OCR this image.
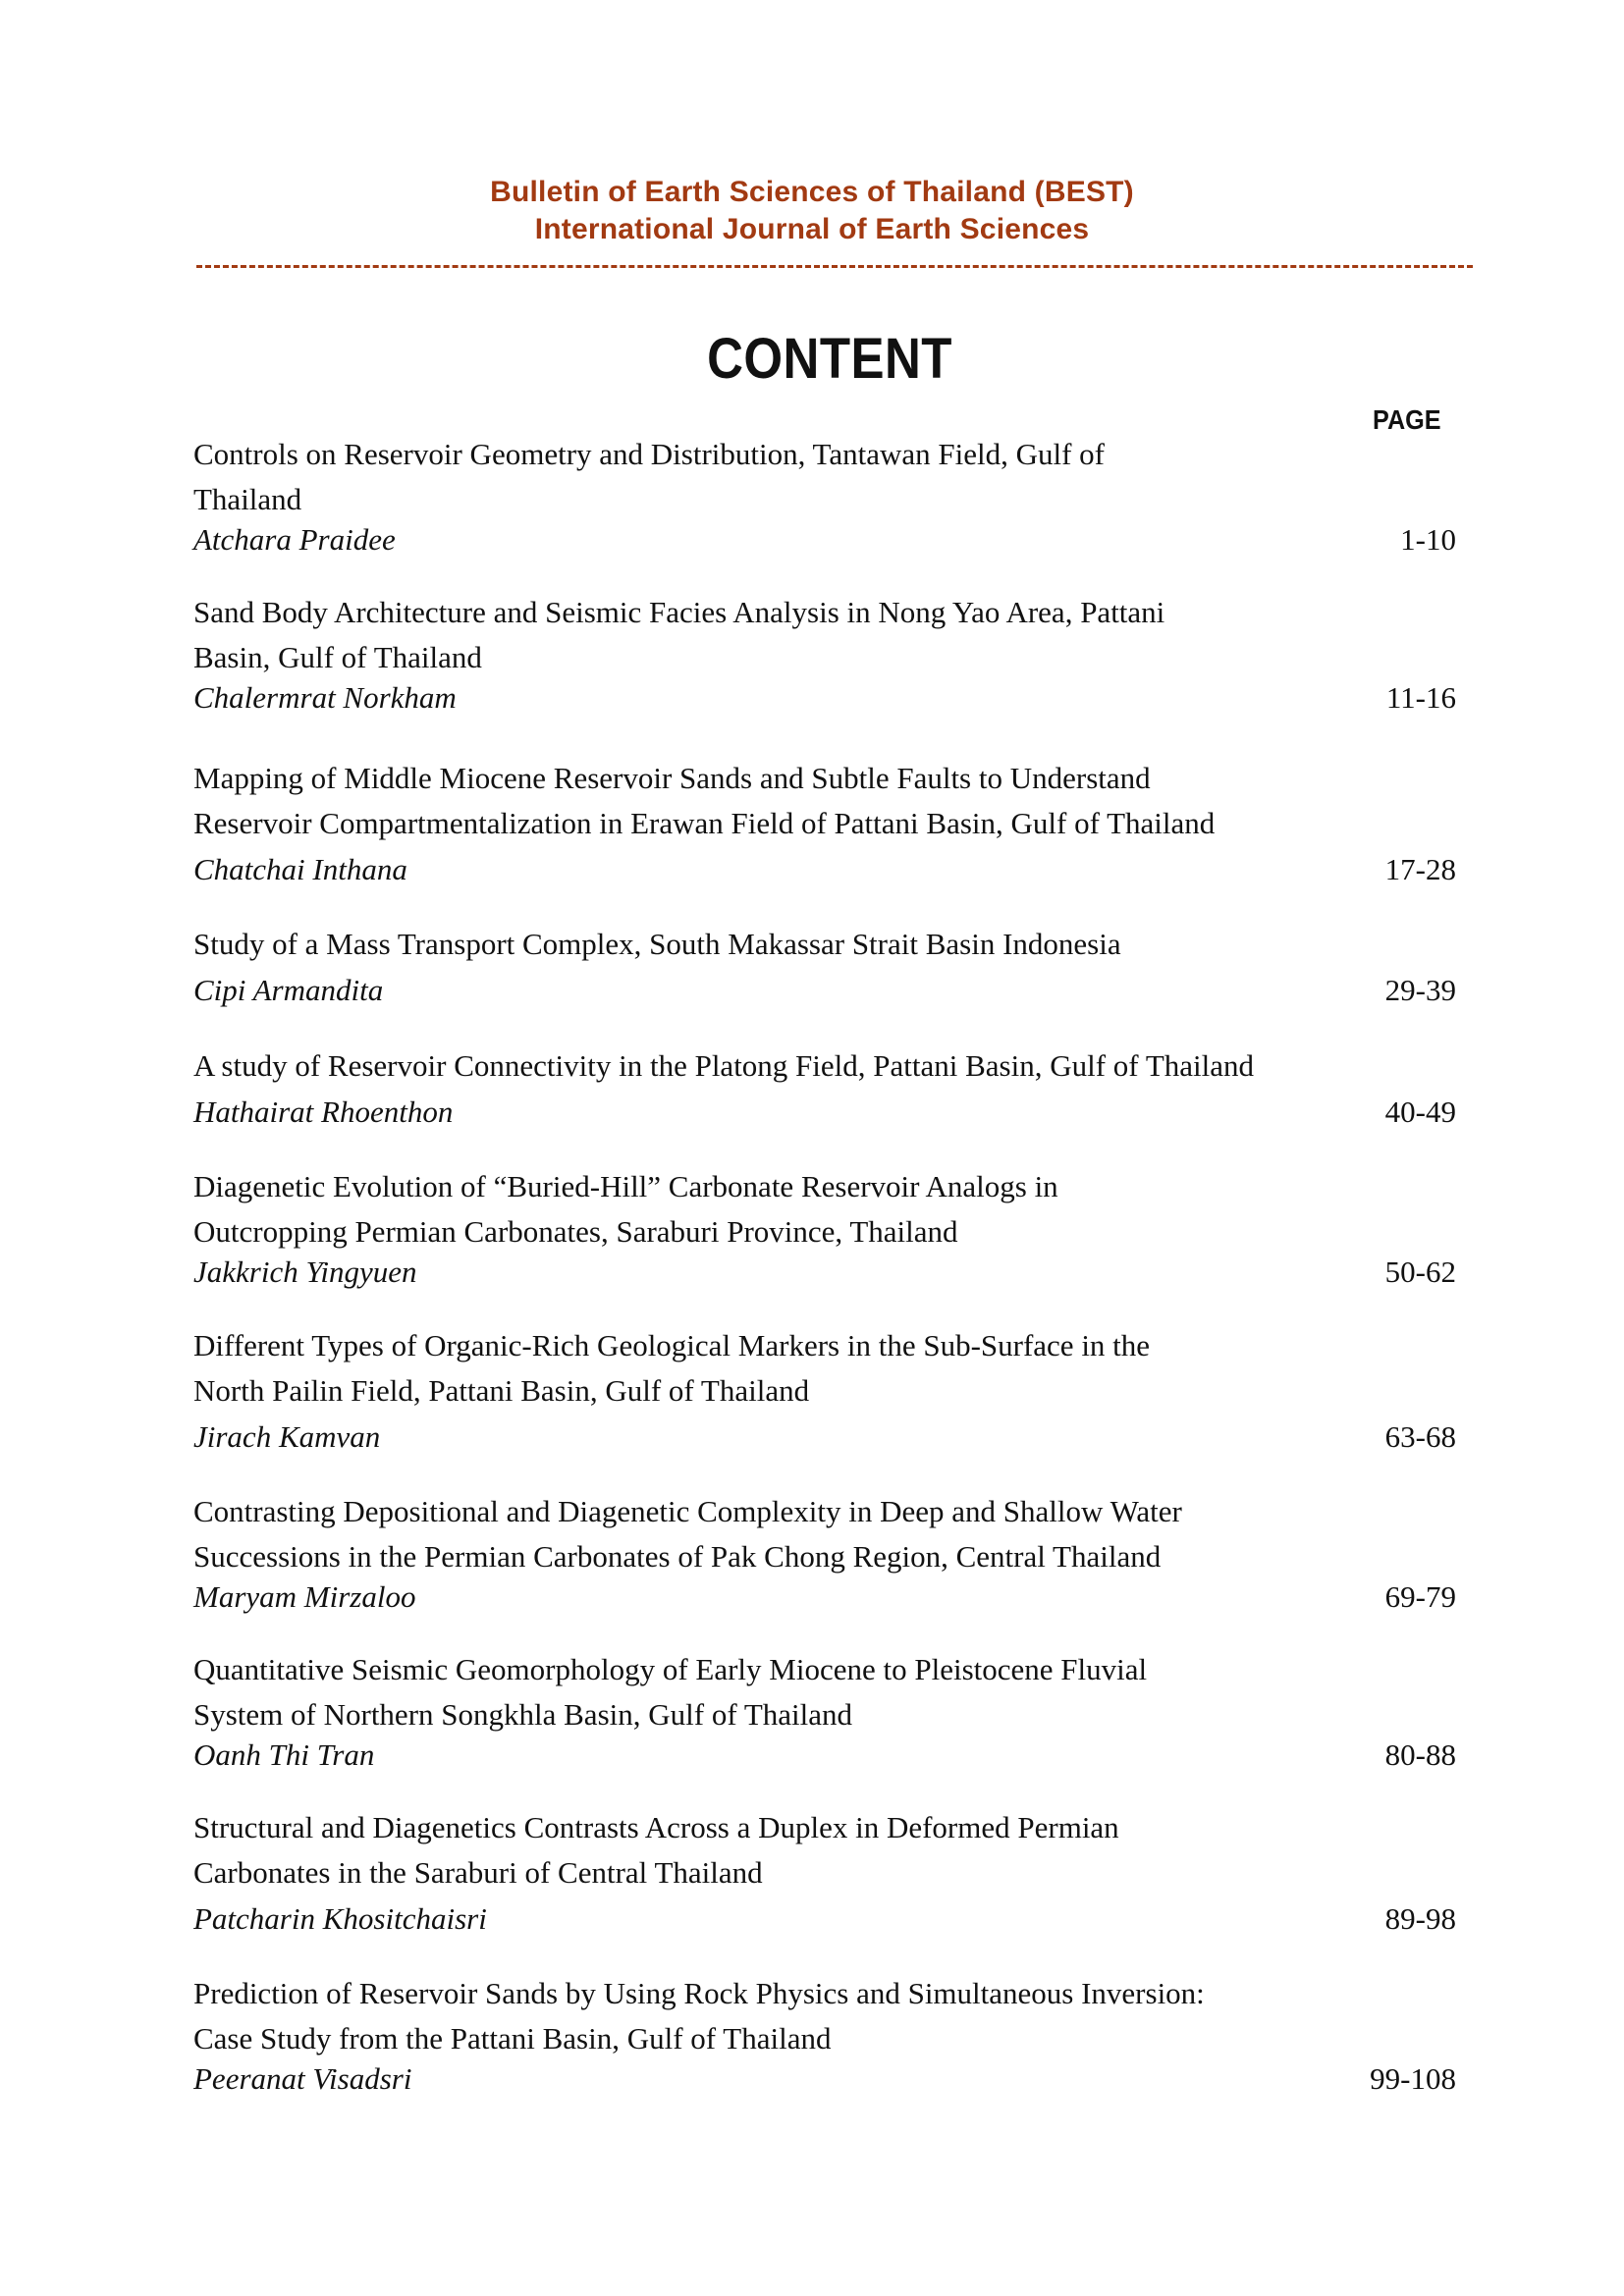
Bulletin of Earth Sciences of Thailand (BEST)
International Journal of Earth Sciences
CONTENT
PAGE
Controls on Reservoir Geometry and Distribution, Tantawan Field, Gulf of
Thailand
Atchara Praidee	1-10
Sand Body Architecture and Seismic Facies Analysis in Nong Yao Area, Pattani
Basin, Gulf of Thailand
Chalermrat Norkham	11-16
Mapping of Middle Miocene Reservoir Sands and Subtle Faults to Understand
Reservoir Compartmentalization in Erawan Field of Pattani Basin, Gulf of Thailand
Chatchai Inthana	17-28
Study of a Mass Transport Complex, South Makassar Strait Basin Indonesia
Cipi Armandita	29-39
A study of Reservoir Connectivity in the Platong Field, Pattani Basin, Gulf of Thailand
Hathairat Rhoenthon	40-49
Diagenetic Evolution of “Buried-Hill” Carbonate Reservoir Analogs in
Outcropping Permian Carbonates, Saraburi Province, Thailand
Jakkrich Yingyuen	50-62
Different Types of Organic-Rich Geological Markers in the Sub-Surface in the
North Pailin Field, Pattani Basin, Gulf of Thailand
Jirach Kamvan	63-68
Contrasting Depositional and Diagenetic Complexity in Deep and Shallow Water
Successions in the Permian Carbonates of Pak Chong Region, Central Thailand
Maryam Mirzaloo	69-79
Quantitative Seismic Geomorphology of Early Miocene to Pleistocene Fluvial
System of Northern Songkhla Basin, Gulf of Thailand
Oanh Thi Tran	80-88
Structural and Diagenetics Contrasts Across a Duplex in Deformed Permian
Carbonates in the Saraburi of Central Thailand
Patcharin Khositchaisri	89-98
Prediction of Reservoir Sands by Using Rock Physics and Simultaneous Inversion:
Case Study from the Pattani Basin, Gulf of Thailand
Peeranat Visadsri	99-108
